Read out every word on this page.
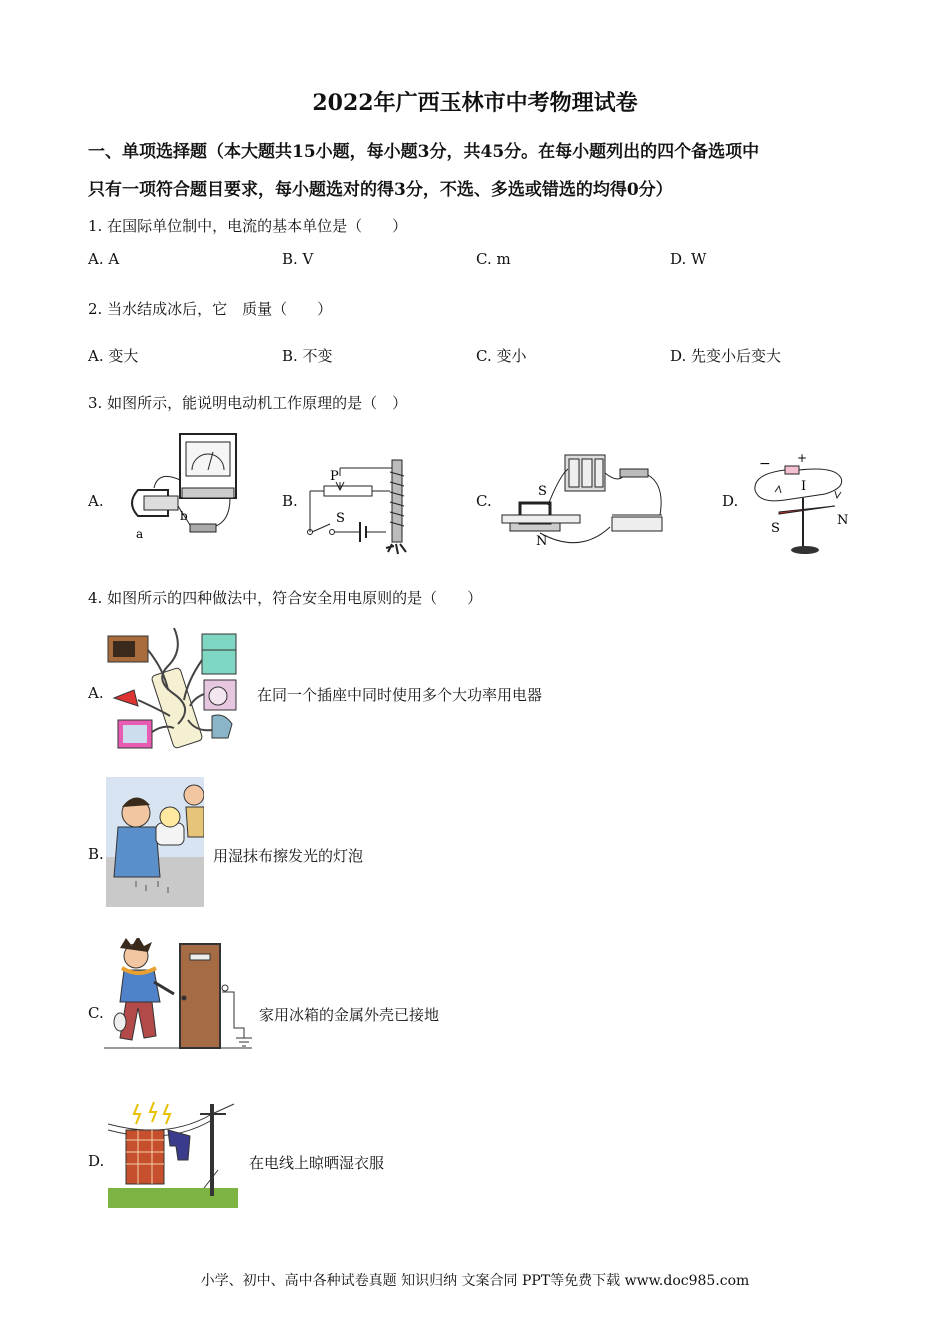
2022年广西玉林市中考物理试卷
一、单项选择题（本大题共15小题，每小题3分，共45分。在每小题列出的四个备选项中
只有一项符合题目要求，每小题选对的得3分，不选、多选或错选的均得0分）
1. 在国际单位制中，电流的基本单位是（　　）
A. A	B. V	C. m	D. W
2. 当水结成冰后，它　质量（　　）
A. 变大	B. 不变	C. 变小	D. 先变小后变大
3. 如图所示，能说明电动机工作原理的是（　）
A.
a
b
B.
P
S
C.
S
N
D.
− +
I
S
N
4. 如图所示的四种做法中，符合安全用电原则的是（　　）
A.	在同一个插座中同时使用多个大功率用电器
B.	用湿抹布擦发光的灯泡
C.	家用冰箱的金属外壳已接地
D.	在电线上晾晒湿衣服
小学、初中、高中各种试卷真题 知识归纳 文案合同 PPT等免费下载 www.doc985.com
